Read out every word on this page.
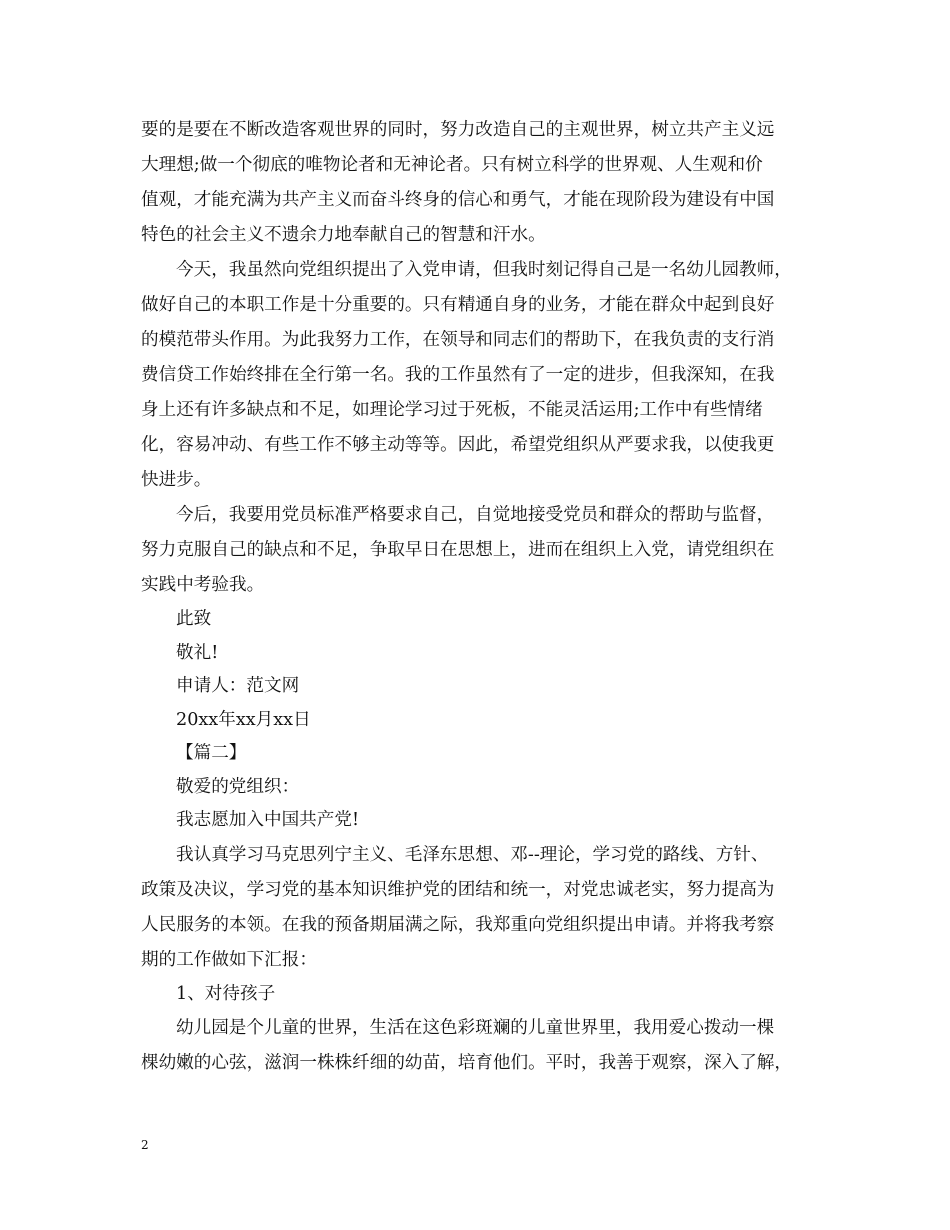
要的是要在不断改造客观世界的同时，努力改造自己的主观世界，树立共产主义远
大理想;做一个彻底的唯物论者和无神论者。只有树立科学的世界观、人生观和价
值观，才能充满为共产主义而奋斗终身的信心和勇气，才能在现阶段为建设有中国
特色的社会主义不遗余力地奉献自己的智慧和汗水。
今天，我虽然向党组织提出了入党申请，但我时刻记得自己是一名幼儿园教师，
做好自己的本职工作是十分重要的。只有精通自身的业务，才能在群众中起到良好
的模范带头作用。为此我努力工作，在领导和同志们的帮助下，在我负责的支行消
费信贷工作始终排在全行第一名。我的工作虽然有了一定的进步，但我深知，在我
身上还有许多缺点和不足，如理论学习过于死板，不能灵活运用;工作中有些情绪
化，容易冲动、有些工作不够主动等等。因此，希望党组织从严要求我，以使我更
快进步。
今后，我要用党员标准严格要求自己，自觉地接受党员和群众的帮助与监督，
努力克服自己的缺点和不足，争取早日在思想上，进而在组织上入党，请党组织在
实践中考验我。
此致
敬礼!
申请人：范文网
20xx年xx月xx日
【篇二】
敬爱的党组织：
我志愿加入中国共产党!
我认真学习马克思列宁主义、毛泽东思想、邓--理论，学习党的路线、方针、
政策及决议，学习党的基本知识维护党的团结和统一，对党忠诚老实，努力提高为
人民服务的本领。在我的预备期届满之际，我郑重向党组织提出申请。并将我考察
期的工作做如下汇报：
1、对待孩子
幼儿园是个儿童的世界，生活在这色彩斑斓的儿童世界里，我用爱心拨动一棵
棵幼嫩的心弦，滋润一株株纤细的幼苗，培育他们。平时，我善于观察，深入了解，
2
